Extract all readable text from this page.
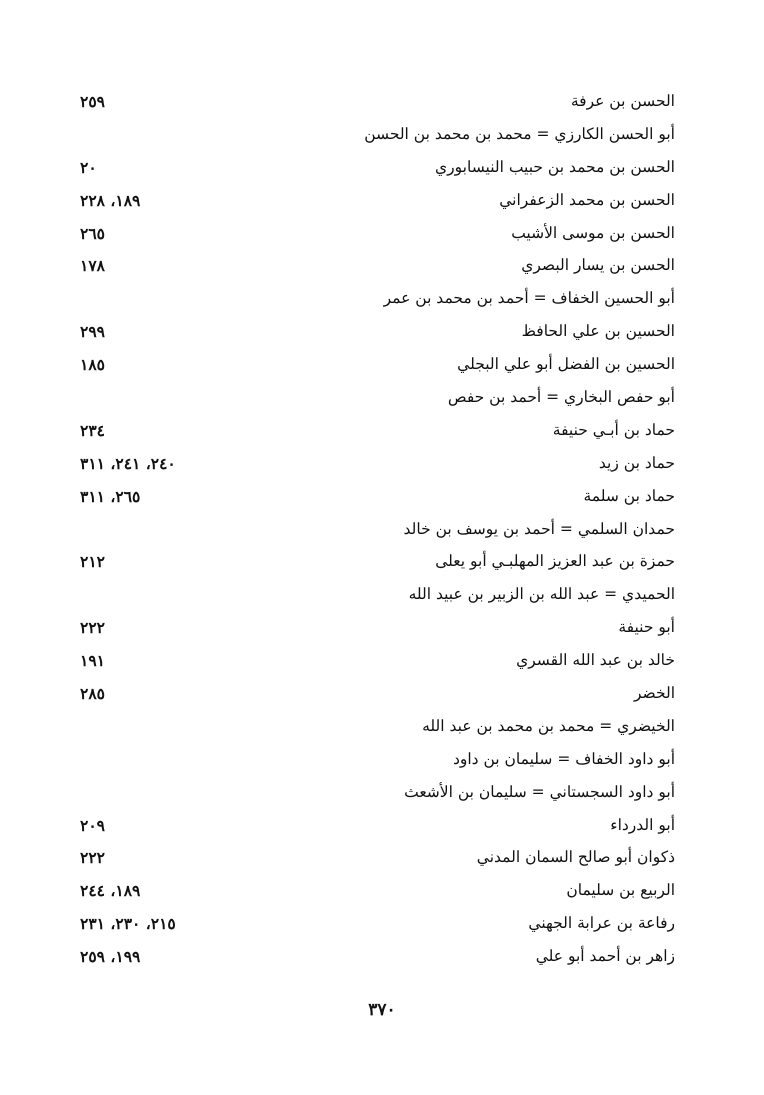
الحسن بن عرفة
٢٥٩
أبو الحسن الكارزي = محمد بن محمد بن الحسن
الحسن بن محمد بن حبيب النيسابوري
٢٠
الحسن بن محمد الزعفراني
١٨٩، ٢٢٨
الحسن بن موسى الأشيب
٢٦٥
الحسن بن يسار البصري
١٧٨
أبو الحسين الخفاف = أحمد بن محمد بن عمر
الحسين بن علي الحافظ
٢٩٩
الحسين بن الفضل أبو علي البجلي
١٨٥
أبو حفص البخاري = أحمد بن حفص
حماد بن أبـي حنيفة
٢٣٤
حماد بن زيد
٢٤٠، ٢٤١، ٣١١
حماد بن سلمة
٢٦٥، ٣١١
حمدان السلمي = أحمد بن يوسف بن خالد
حمزة بن عبد العزيز المهلبـي أبو يعلى
٢١٢
الحميدي = عبد الله بن الزبير بن عبيد الله
أبو حنيفة
٢٢٢
خالد بن عبد الله القسري
١٩١
الخضر
٢٨٥
الخيضري = محمد بن محمد بن عبد الله
أبو داود الخفاف = سليمان بن داود
أبو داود السجستاني = سليمان بن الأشعث
أبو الدرداء
٢٠٩
ذكوان أبو صالح السمان المدني
٢٢٢
الربيع بن سليمان
١٨٩، ٢٤٤
رفاعة بن عرابة الجهني
٢١٥، ٢٣٠، ٢٣١
زاهر بن أحمد أبو علي
١٩٩، ٢٥٩
٣٧٠
